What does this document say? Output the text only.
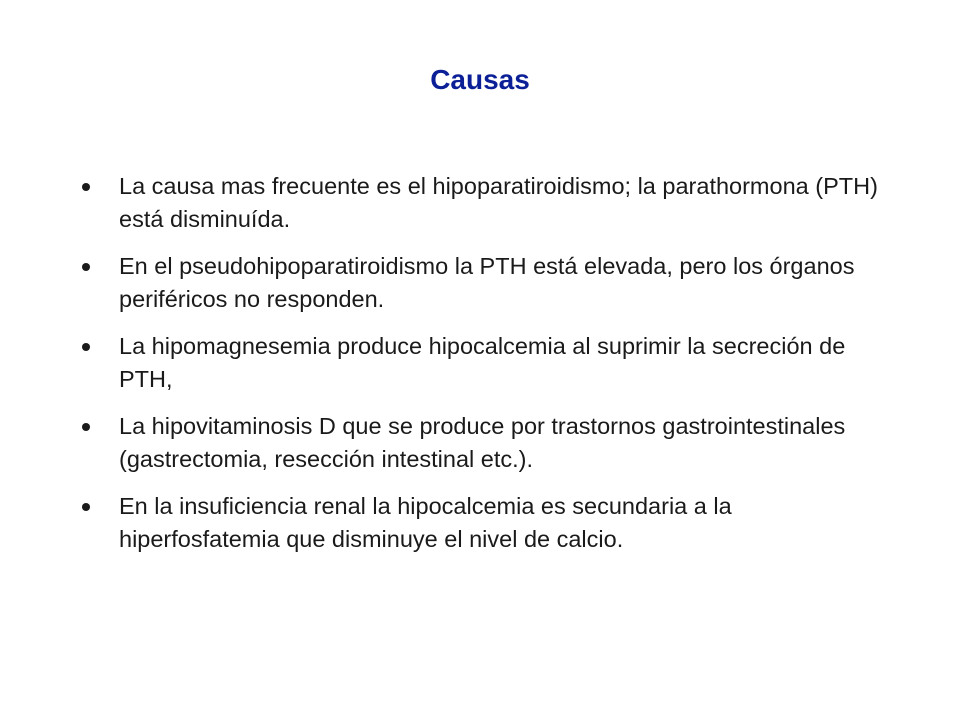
Causas
La causa mas frecuente es el hipoparatiroidismo; la parathormona (PTH) está disminuída.
En el pseudohipoparatiroidismo la PTH está elevada, pero los órganos periféricos no responden.
La hipomagnesemia produce hipocalcemia al suprimir la secreción de PTH,
La hipovitaminosis D que se produce por trastornos gastrointestinales (gastrectomia, resección intestinal etc.).
En la insuficiencia renal la hipocalcemia es secundaria a la hiperfosfatemia que disminuye el nivel de calcio.
